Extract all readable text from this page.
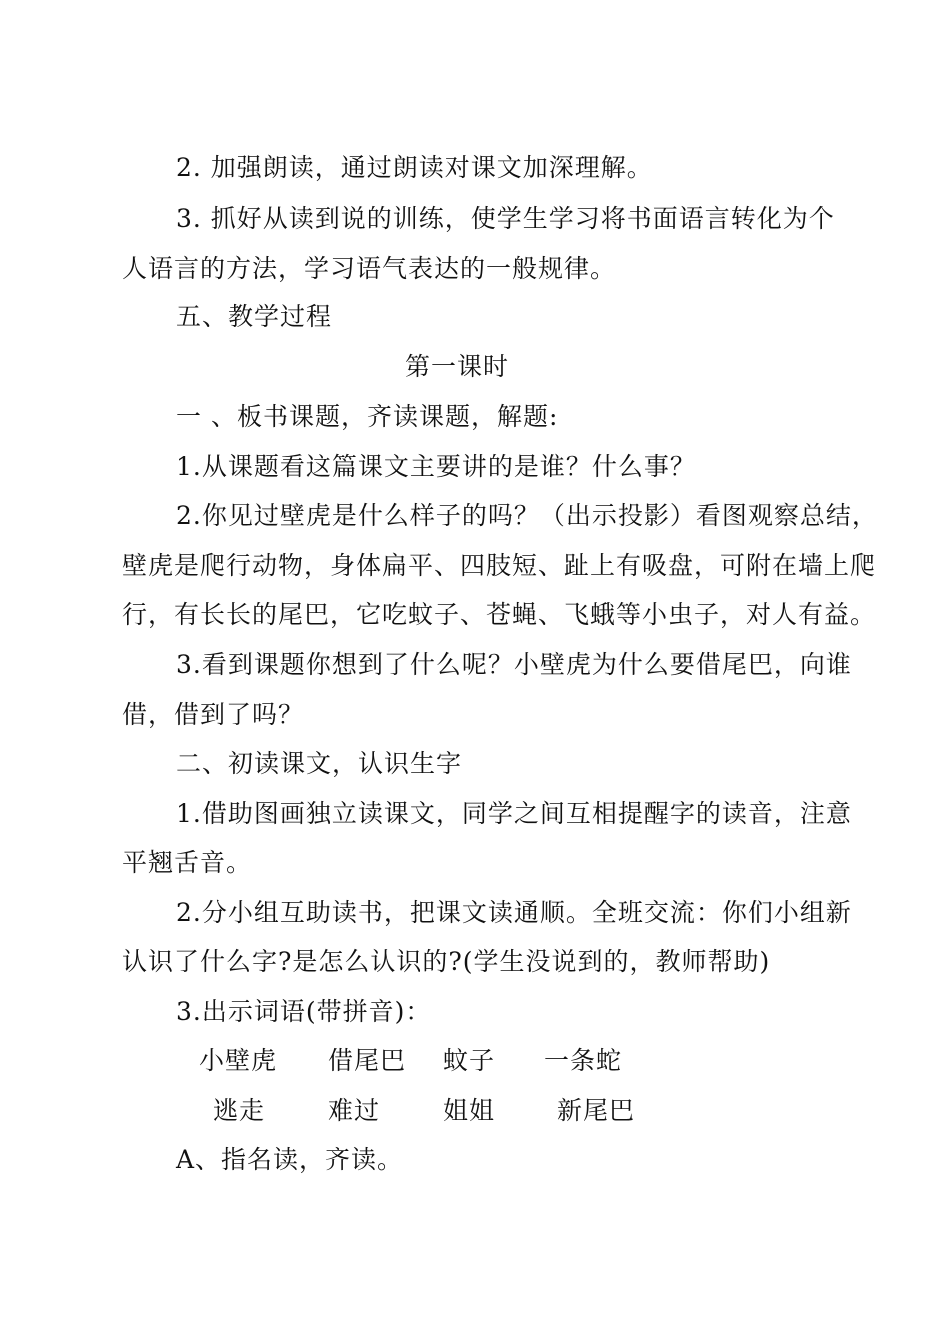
2. 加强朗读，通过朗读对课文加深理解。
3. 抓好从读到说的训练，使学生学习将书面语言转化为个
人语言的方法，学习语气表达的一般规律。
五、教学过程
第一课时
一 、板书课题，齐读课题，解题:
1.从课题看这篇课文主要讲的是谁？什么事？
2.你见过壁虎是什么样子的吗？（出示投影）看图观察总结，
壁虎是爬行动物，身体扁平、四肢短、趾上有吸盘，可附在墙上爬
行，有长长的尾巴，它吃蚊子、苍蝇、飞蛾等小虫子，对人有益。
3.看到课题你想到了什么呢？小壁虎为什么要借尾巴，向谁
借，借到了吗？
二、初读课文，认识生字
1.借助图画独立读课文，同学之间互相提醒字的读音，注意
平翘舌音。
2.分小组互助读书，把课文读通顺。全班交流：你们小组新
认识了什么字?是怎么认识的?(学生没说到的，教师帮助)
3.出示词语(带拼音)：
小壁虎 借尾巴 蚊子 一条蛇
逃走	难过	姐姐 新尾巴
A、指名读，齐读。
